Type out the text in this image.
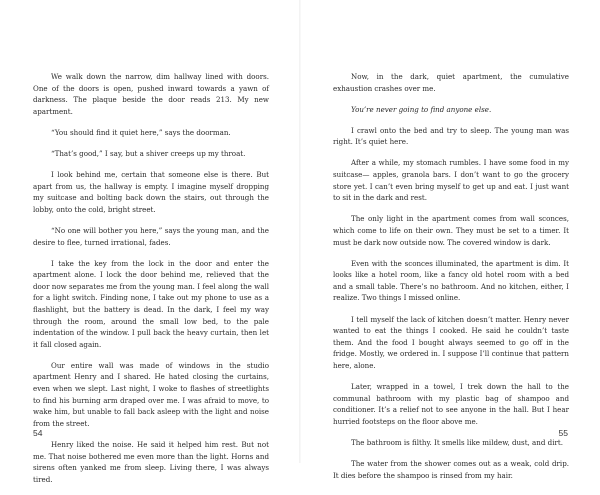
We walk down the narrow, dim hallway lined with doors. One of the doors is open, pushed inward towards a yawn of darkness. The plaque beside the door reads 213. My new apartment.

“You should find it quiet here,” says the doorman.

“That’s good,” I say, but a shiver creeps up my throat.

I look behind me, certain that someone else is there. But apart from us, the hallway is empty. I imagine myself dropping my suitcase and bolting back down the stairs, out through the lobby, onto the cold, bright street.

“No one will bother you here,” says the young man, and the desire to flee, turned irrational, fades.

I take the key from the lock in the door and enter the apartment alone. I lock the door behind me, relieved that the door now separates me from the young man. I feel along the wall for a light switch. Finding none, I take out my phone to use as a flashlight, but the battery is dead. In the dark, I feel my way through the room, around the small low bed, to the pale indentation of the window. I pull back the heavy curtain, then let it fall closed again.

Our entire wall was made of windows in the studio apartment Henry and I shared. He hated closing the curtains, even when we slept. Last night, I woke to flashes of streetlights to find his burning arm draped over me. I was afraid to move, to wake him, but unable to fall back asleep with the light and noise from the street.

Henry liked the noise. He said it helped him rest. But not me. That noise bothered me even more than the light. Horns and sirens often yanked me from sleep. Living there, I was always tired.

54

Now, in the dark, quiet apartment, the cumulative exhaustion crashes over me.

You’re never going to find anyone else.

I crawl onto the bed and try to sleep. The young man was right. It’s quiet here.

After a while, my stomach rumbles. I have some food in my suitcase— apples, granola bars. I don’t want to go the grocery store yet. I can’t even bring myself to get up and eat. I just want to sit in the dark and rest.

The only light in the apartment comes from wall sconces, which come to life on their own. They must be set to a timer. It must be dark now outside now. The covered window is dark.

Even with the sconces illuminated, the apartment is dim. It looks like a hotel room, like a fancy old hotel room with a bed and a small table. There’s no bathroom. And no kitchen, either, I realize. Two things I missed online.

I tell myself the lack of kitchen doesn’t matter. Henry never wanted to eat the things I cooked. He said he couldn’t taste them. And the food I bought always seemed to go off in the fridge. Mostly, we ordered in. I suppose I’ll continue that pattern here, alone.

Later, wrapped in a towel, I trek down the hall to the communal bathroom with my plastic bag of shampoo and conditioner. It’s a relief not to see anyone in the hall. But I hear hurried footsteps on the floor above me.

The bathroom is filthy. It smells like mildew, dust, and dirt.

The water from the shower comes out as a weak, cold drip. It dies before the shampoo is rinsed from my hair.

55
